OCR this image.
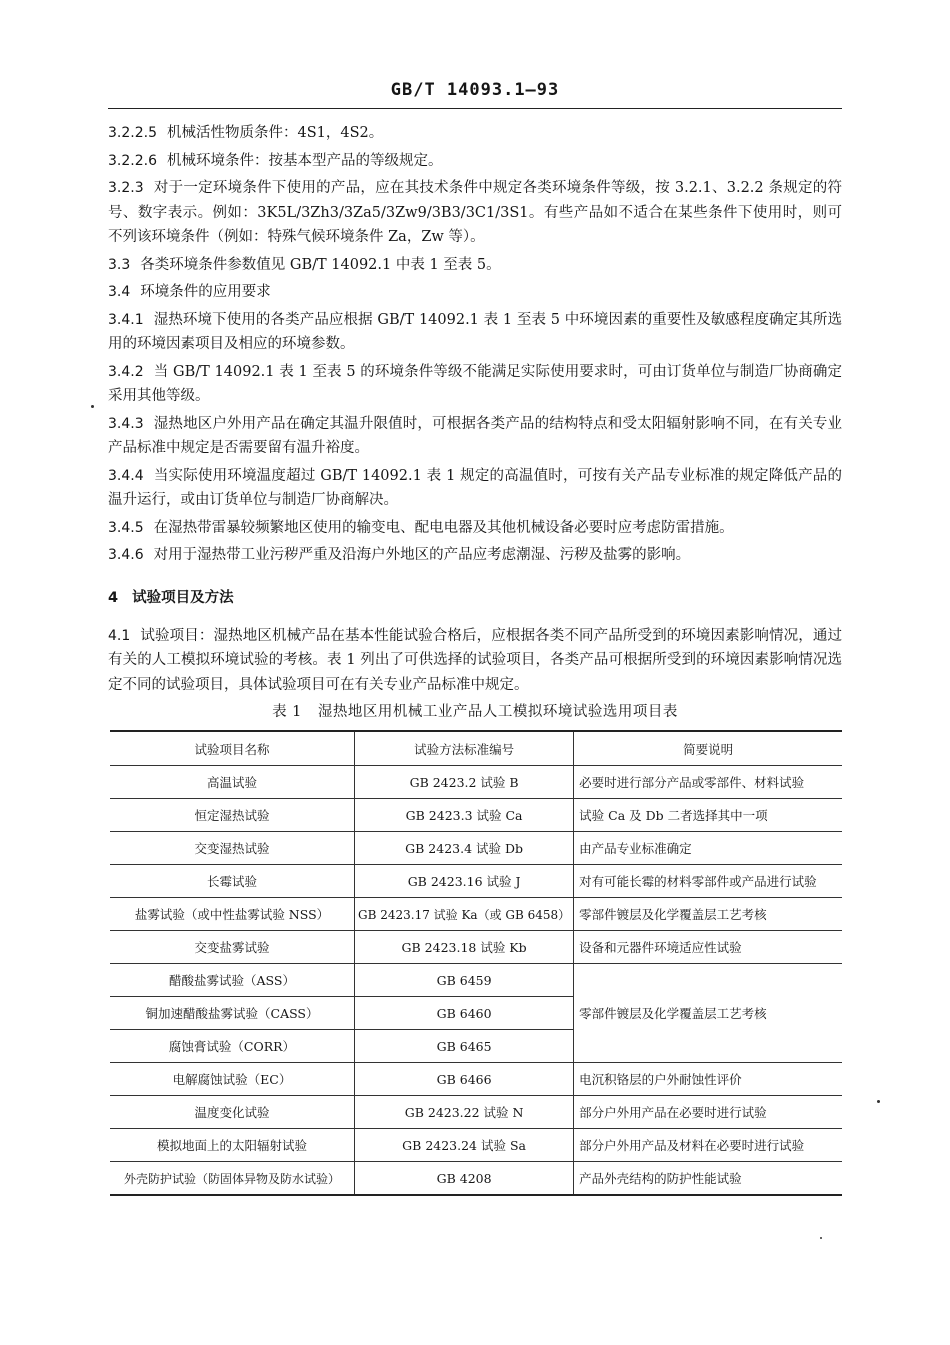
GB/T 14093.1—93

3.2.2.5 机械活性物质条件：4S1，4S2。

3.2.2.6 机械环境条件：按基本型产品的等级规定。

3.2.3 对于一定环境条件下使用的产品，应在其技术条件中规定各类环境条件等级，按 3.2.1、3.2.2 条规定的符号、数字表示。例如：3K5L/3Zh3/3Za5/3Zw9/3B3/3C1/3S1。有些产品如不适合在某些条件下使用时，则可不列该环境条件（例如：特殊气候环境条件 Za，Zw 等）。

3.3 各类环境条件参数值见 GB/T 14092.1 中表 1 至表 5。

3.4 环境条件的应用要求

3.4.1 湿热环境下使用的各类产品应根据 GB/T 14092.1 表 1 至表 5 中环境因素的重要性及敏感程度确定其所选用的环境因素项目及相应的环境参数。

3.4.2 当 GB/T 14092.1 表 1 至表 5 的环境条件等级不能满足实际使用要求时，可由订货单位与制造厂协商确定采用其他等级。

3.4.3 湿热地区户外用产品在确定其温升限值时，可根据各类产品的结构特点和受太阳辐射影响不同，在有关专业产品标准中规定是否需要留有温升裕度。

3.4.4 当实际使用环境温度超过 GB/T 14092.1 表 1 规定的高温值时，可按有关产品专业标准的规定降低产品的温升运行，或由订货单位与制造厂协商解决。

3.4.5 在湿热带雷暴较频繁地区使用的输变电、配电电器及其他机械设备必要时应考虑防雷措施。

3.4.6 对用于湿热带工业污秽严重及沿海户外地区的产品应考虑潮湿、污秽及盐雾的影响。

4 试验项目及方法

4.1 试验项目：湿热地区机械产品在基本性能试验合格后，应根据各类不同产品所受到的环境因素影响情况，通过有关的人工模拟环境试验的考核。表 1 列出了可供选择的试验项目，各类产品可根据所受到的环境因素影响情况选定不同的试验项目，具体试验项目可在有关专业产品标准中规定。

表 1 湿热地区用机械工业产品人工模拟环境试验选用项目表
试验项目名称	试验方法标准编号	简要说明
高温试验	GB 2423.2 试验 B	必要时进行部分产品或零部件、材料试验
恒定湿热试验	GB 2423.3 试验 Ca	试验 Ca 及 Db 二者选择其中一项
交变湿热试验	GB 2423.4 试验 Db	由产品专业标准确定
长霉试验	GB 2423.16 试验 J	对有可能长霉的材料零部件或产品进行试验
盐雾试验（或中性盐雾试验 NSS）	GB 2423.17 试验 Ka（或 GB 6458）	零部件镀层及化学覆盖层工艺考核
交变盐雾试验	GB 2423.18 试验 Kb	设备和元器件环境适应性试验
醋酸盐雾试验（ASS）	GB 6459	零部件镀层及化学覆盖层工艺考核
铜加速醋酸盐雾试验（CASS）	GB 6460	
腐蚀膏试验（CORR）	GB 6465	
电解腐蚀试验（EC）	GB 6466	电沉积铬层的户外耐蚀性评价
温度变化试验	GB 2423.22 试验 N	部分户外用产品在必要时进行试验
模拟地面上的太阳辐射试验	GB 2423.24 试验 Sa	部分户外用产品及材料在必要时进行试验
外壳防护试验（防固体异物及防水试验）	GB 4208	产品外壳结构的防护性能试验
